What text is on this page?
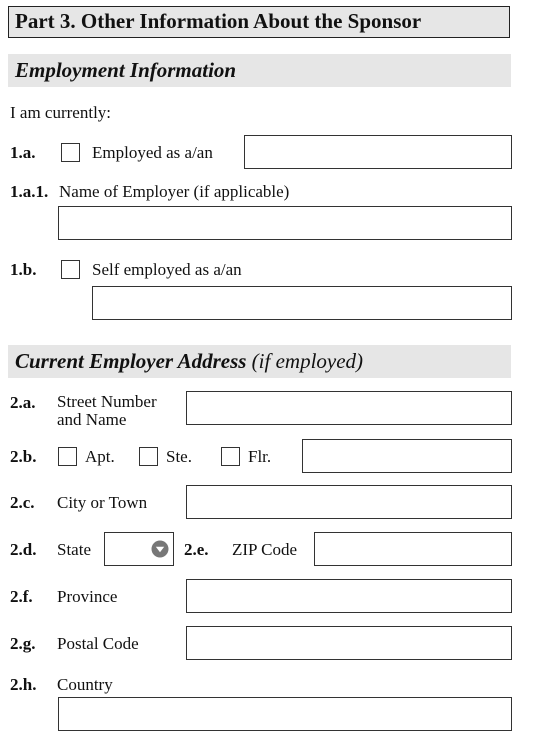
Part 3. Other Information About the Sponsor
Employment Information
I am currently:
1.a.	Employed as a/an
1.a.1. Name of Employer (if applicable)
1.b.	Self employed as a/an
Current Employer Address (if employed)
2.a. Street Number
and Name
2.b.	Apt.	Ste.	Flr.
2.c. City or Town
2.d. State	2.e. ZIP Code
2.f. Province
2.g. Postal Code
2.h. Country
